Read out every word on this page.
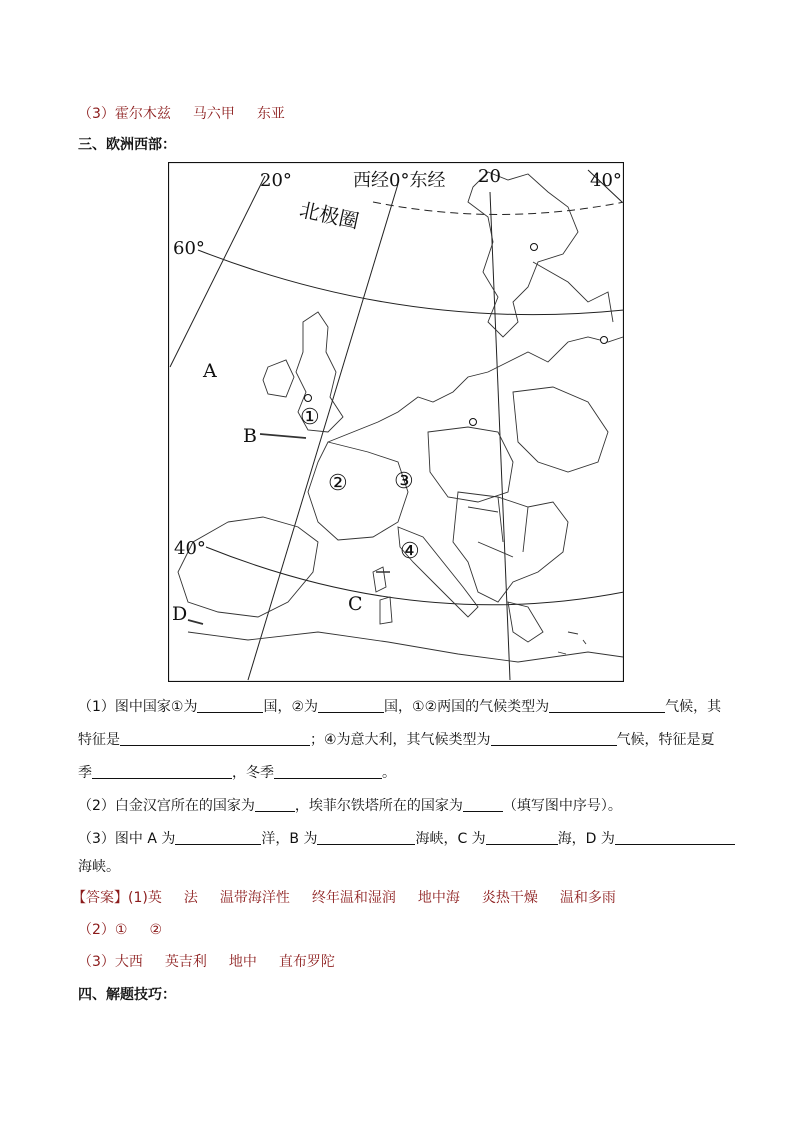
（3）霍尔木兹 马六甲 东亚
三、欧洲西部：
20°	西经0°东经 20	40°
北极圈
60°
40°
A
B
C
D
①
② ③
④
（1）图中国家①为	国，②为	国，①②两国的气候类型为	气候，其
特征是	；④为意大利，其气候类型为	气候，特征是夏
季	，冬季	。
（2）白金汉宫所在的国家为	，埃菲尔铁塔所在的国家为	（填写图中序号）。
（3）图中 A 为	洋，B 为	海峡，C 为	海，D 为
海峡。
【答案】(1)英 法 温带海洋性 终年温和湿润 地中海 炎热干燥 温和多雨
（2）① ②
（3）大西 英吉利 地中 直布罗陀
四、解题技巧：
